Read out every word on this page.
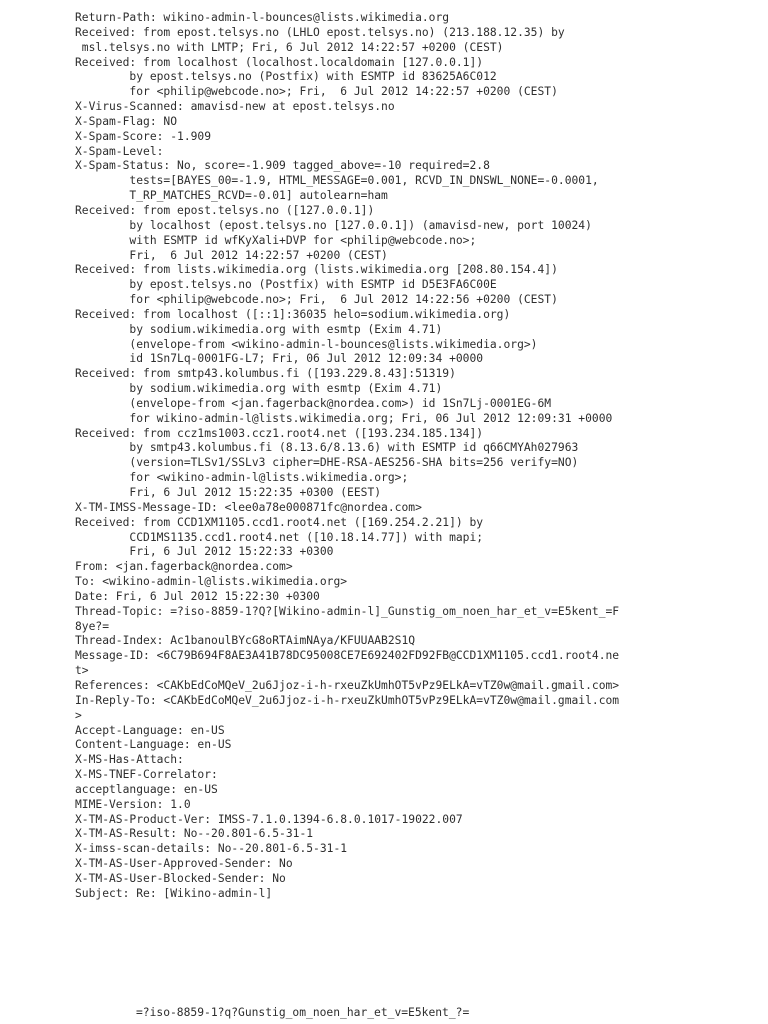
Return-Path: wikino-admin-l-bounces@lists.wikimedia.org
Received: from epost.telsys.no (LHLO epost.telsys.no) (213.188.12.35) by
msl.telsys.no with LMTP; Fri, 6 Jul 2012 14:22:57 +0200 (CEST)
Received: from localhost (localhost.localdomain [127.0.0.1])
by epost.telsys.no (Postfix) with ESMTP id 83625A6C012
for <philip@webcode.no>; Fri,  6 Jul 2012 14:22:57 +0200 (CEST)
X-Virus-Scanned: amavisd-new at epost.telsys.no
X-Spam-Flag: NO
X-Spam-Score: -1.909
X-Spam-Level:
X-Spam-Status: No, score=-1.909 tagged_above=-10 required=2.8
tests=[BAYES_00=-1.9, HTML_MESSAGE=0.001, RCVD_IN_DNSWL_NONE=-0.0001,
T_RP_MATCHES_RCVD=-0.01] autolearn=ham
Received: from epost.telsys.no ([127.0.0.1])
by localhost (epost.telsys.no [127.0.0.1]) (amavisd-new, port 10024)
with ESMTP id wfKyXali+DVP for <philip@webcode.no>;
Fri,  6 Jul 2012 14:22:57 +0200 (CEST)
Received: from lists.wikimedia.org (lists.wikimedia.org [208.80.154.4])
by epost.telsys.no (Postfix) with ESMTP id D5E3FA6C00E
for <philip@webcode.no>; Fri,  6 Jul 2012 14:22:56 +0200 (CEST)
Received: from localhost ([::1]:36035 helo=sodium.wikimedia.org)
by sodium.wikimedia.org with esmtp (Exim 4.71)
(envelope-from <wikino-admin-l-bounces@lists.wikimedia.org>)
id 1Sn7Lq-0001FG-L7; Fri, 06 Jul 2012 12:09:34 +0000
Received: from smtp43.kolumbus.fi ([193.229.8.43]:51319)
by sodium.wikimedia.org with esmtp (Exim 4.71)
(envelope-from <jan.fagerback@nordea.com>) id 1Sn7Lj-0001EG-6M
for wikino-admin-l@lists.wikimedia.org; Fri, 06 Jul 2012 12:09:31 +0000
Received: from ccz1ms1003.ccz1.root4.net ([193.234.185.134])
by smtp43.kolumbus.fi (8.13.6/8.13.6) with ESMTP id q66CMYAh027963
(version=TLSv1/SSLv3 cipher=DHE-RSA-AES256-SHA bits=256 verify=NO)
for <wikino-admin-l@lists.wikimedia.org>;
Fri, 6 Jul 2012 15:22:35 +0300 (EEST)
X-TM-IMSS-Message-ID: <lee0a78e000871fc@nordea.com>
Received: from CCD1XM1105.ccd1.root4.net ([169.254.2.21]) by
CCD1MS1135.ccd1.root4.net ([10.18.14.77]) with mapi;
Fri, 6 Jul 2012 15:22:33 +0300
From: <jan.fagerback@nordea.com>
To: <wikino-admin-l@lists.wikimedia.org>
Date: Fri, 6 Jul 2012 15:22:30 +0300
Thread-Topic: =?iso-8859-1?Q?[Wikino-admin-l]_Gunstig_om_noen_har_et_v=E5kent_=F
8ye?=
Thread-Index: Ac1banoulBYcG8oRTAimNAya/KFUUAAB2S1Q
Message-ID: <6C79B694F8AE3A41B78DC95008CE7E692402FD92FB@CCD1XM1105.ccd1.root4.ne
t>
References: <CAKbEdCoMQeV_2u6Jjoz-i-h-rxeuZkUmhOT5vPz9ELkA=vTZ0w@mail.gmail.com>
In-Reply-To: <CAKbEdCoMQeV_2u6Jjoz-i-h-rxeuZkUmhOT5vPz9ELkA=vTZ0w@mail.gmail.com
>
Accept-Language: en-US
Content-Language: en-US
X-MS-Has-Attach:
X-MS-TNEF-Correlator:
acceptlanguage: en-US
MIME-Version: 1.0
X-TM-AS-Product-Ver: IMSS-7.1.0.1394-6.8.0.1017-19022.007
X-TM-AS-Result: No--20.801-6.5-31-1
X-imss-scan-details: No--20.801-6.5-31-1
X-TM-AS-User-Approved-Sender: No
X-TM-AS-User-Blocked-Sender: No
Subject: Re: [Wikino-admin-l]
=?iso-8859-1?q?Gunstig_om_noen_har_et_v=E5kent_?=
